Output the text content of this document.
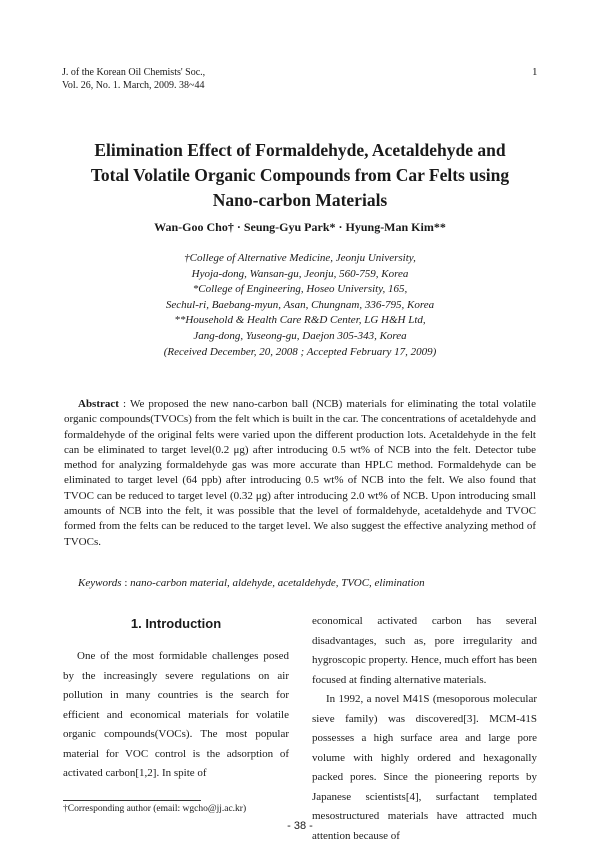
J. of the Korean Oil Chemists' Soc.,
Vol. 26, No. 1. March, 2009. 38~44
1
Elimination Effect of Formaldehyde, Acetaldehyde and
Total Volatile Organic Compounds from Car Felts using
Nano-carbon Materials
Wan-Goo Cho† · Seung-Gyu Park* · Hyung-Man Kim**
†College of Alternative Medicine, Jeonju University,
Hyoja-dong, Wansan-gu, Jeonju, 560-759, Korea
*College of Engineering, Hoseo University, 165,
Sechul-ri, Baebang-myun, Asan, Chungnam, 336-795, Korea
**Household & Health Care R&D Center, LG H&H Ltd,
Jang-dong, Yuseong-gu, Daejon 305-343, Korea
(Received December, 20, 2008 ; Accepted February 17, 2009)

Abstract : We proposed the new nano-carbon ball (NCB) materials for eliminating the total volatile organic compounds(TVOCs) from the felt which is built in the car. The concentrations of acetaldehyde and formaldehyde of the original felts were varied upon the different production lots. Acetaldehyde in the felt can be eliminated to target level(0.2 μg) after introducing 0.5 wt% of NCB into the felt. Detector tube method for analyzing formaldehyde gas was more accurate than HPLC method. Formaldehyde can be eliminated to target level (64 ppb) after introducing 0.5 wt% of NCB into the felt. We also found that TVOC can be reduced to target level (0.32 μg) after introducing 2.0 wt% of NCB. Upon introducing small amounts of NCB into the felt, it was possible that the level of formaldehyde, acetaldehyde and TVOC formed from the felts can be reduced to the target level. We also suggest the effective analyzing method of TVOCs.

Keywords : nano-carbon material, aldehyde, acetaldehyde, TVOC, elimination

1. Introduction

One of the most formidable challenges posed by the increasingly severe regulations on air pollution in many countries is the search for efficient and economical materials for volatile organic compounds(VOCs). The most popular material for VOC control is the adsorption of activated carbon[1,2]. In spite of

economical activated carbon has several disadvantages, such as, pore irregularity and hygroscopic property. Hence, much effort has been focused at finding alternative materials.

In 1992, a novel M41S (mesoporous molecular sieve family) was discovered[3]. MCM-41S possesses a high surface area and large pore volume with highly ordered and hexagonally packed pores. Since the pioneering reports by Japanese scientists[4], surfactant templated mesostructured materials have attracted much attention because of

†Corresponding author (email: wgcho@jj.ac.kr)
- 38 -
